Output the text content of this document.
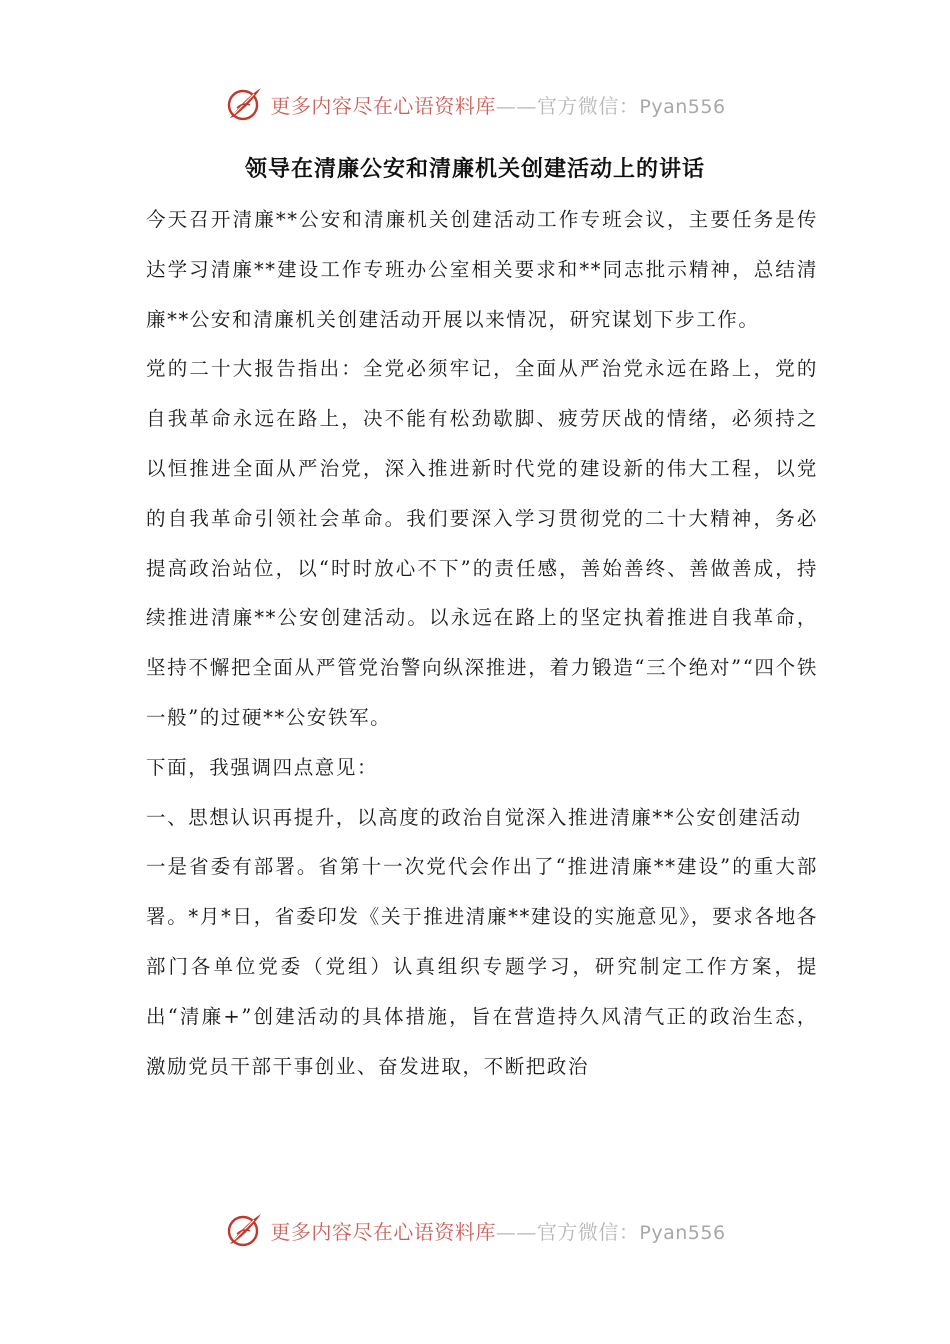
更多内容尽在心语资料库——官方微信：Pyan556
领导在清廉公安和清廉机关创建活动上的讲话

今天召开清廉**公安和清廉机关创建活动工作专班会议，主要任务是传达学习清廉**建设工作专班办公室相关要求和**同志批示精神，总结清廉**公安和清廉机关创建活动开展以来情况，研究谋划下步工作。

党的二十大报告指出：全党必须牢记，全面从严治党永远在路上，党的自我革命永远在路上，决不能有松劲歇脚、疲劳厌战的情绪，必须持之以恒推进全面从严治党，深入推进新时代党的建设新的伟大工程，以党的自我革命引领社会革命。我们要深入学习贯彻党的二十大精神，务必提高政治站位，以“时时放心不下”的责任感，善始善终、善做善成，持续推进清廉**公安创建活动。以永远在路上的坚定执着推进自我革命，坚持不懈把全面从严管党治警向纵深推进，着力锻造“三个绝对”“四个铁一般”的过硬**公安铁军。

下面，我强调四点意见：

一、思想认识再提升，以高度的政治自觉深入推进清廉**公安创建活动

一是省委有部署。省第十一次党代会作出了“推进清廉**建设”的重大部署。*月*日，省委印发《关于推进清廉**建设的实施意见》，要求各地各部门各单位党委（党组）认真组织专题学习，研究制定工作方案，提出“清廉+”创建活动的具体措施，旨在营造持久风清气正的政治生态，激励党员干部干事创业、奋发进取，不断把政治

更多内容尽在心语资料库——官方微信：Pyan556
